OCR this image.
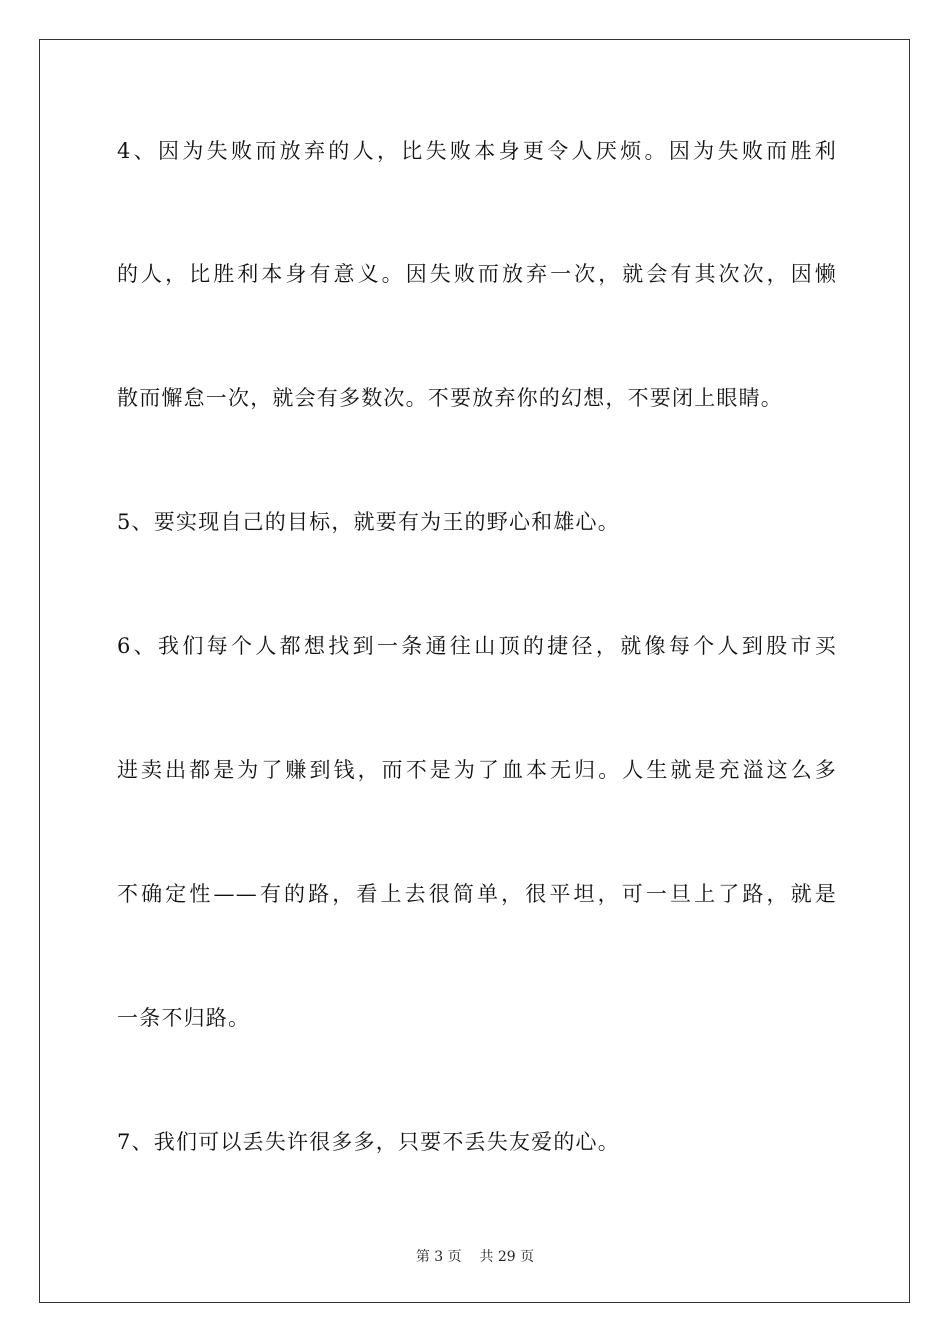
4、因为失败而放弃的人，比失败本身更令人厌烦。因为失败而胜利
的人，比胜利本身有意义。因失败而放弃一次，就会有其次次，因懒
散而懈怠一次，就会有多数次。不要放弃你的幻想，不要闭上眼睛。
5、要实现自己的目标，就要有为王的野心和雄心。
6、我们每个人都想找到一条通往山顶的捷径，就像每个人到股市买
进卖出都是为了赚到钱，而不是为了血本无归。人生就是充溢这么多
不确定性——有的路，看上去很简单，很平坦，可一旦上了路，就是
一条不归路。
7、我们可以丢失许很多多，只要不丢失友爱的心。
第 3 页 共 29 页
